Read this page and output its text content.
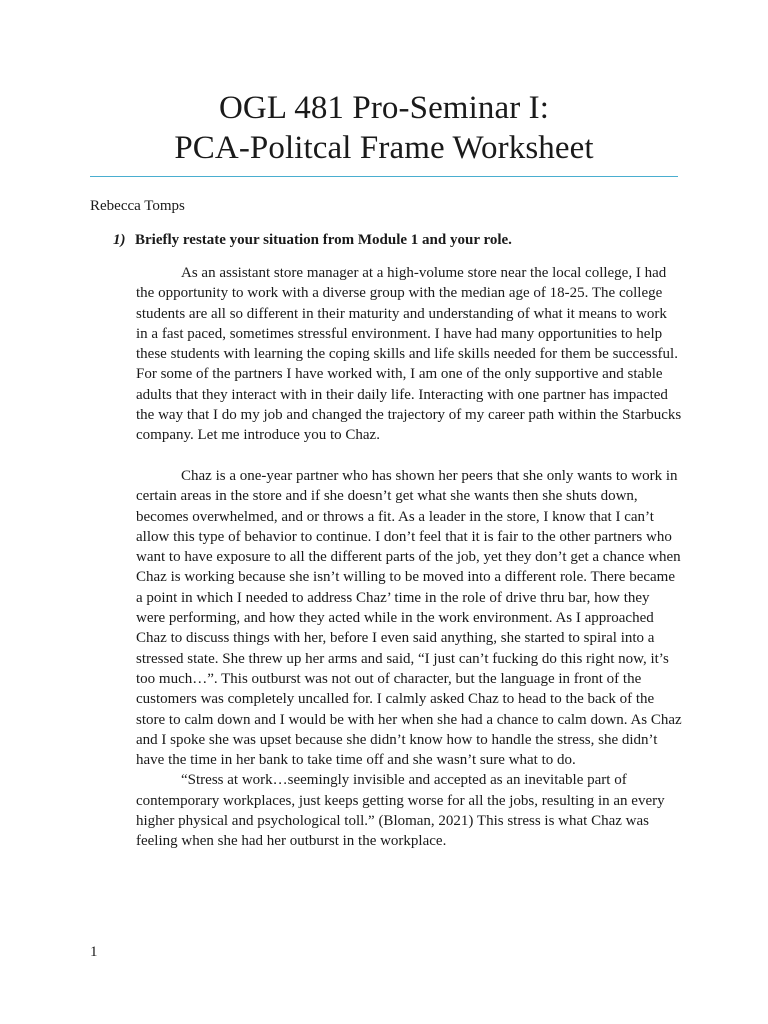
OGL 481 Pro-Seminar I:
PCA-Politcal Frame Worksheet
Rebecca Tomps
1) Briefly restate your situation from Module 1 and your role.

As an assistant store manager at a high-volume store near the local college, I had the opportunity to work with a diverse group with the median age of 18-25. The college students are all so different in their maturity and understanding of what it means to work in a fast paced, sometimes stressful environment. I have had many opportunities to help these students with learning the coping skills and life skills needed for them be successful. For some of the partners I have worked with, I am one of the only supportive and stable adults that they interact with in their daily life. Interacting with one partner has impacted the way that I do my job and changed the trajectory of my career path within the Starbucks company. Let me introduce you to Chaz.

Chaz is a one-year partner who has shown her peers that she only wants to work in certain areas in the store and if she doesn’t get what she wants then she shuts down, becomes overwhelmed, and or throws a fit. As a leader in the store, I know that I can’t allow this type of behavior to continue. I don’t feel that it is fair to the other partners who want to have exposure to all the different parts of the job, yet they don’t get a chance when Chaz is working because she isn’t willing to be moved into a different role. There became a point in which I needed to address Chaz’ time in the role of drive thru bar, how they were performing, and how they acted while in the work environment. As I approached Chaz to discuss things with her, before I even said anything, she started to spiral into a stressed state. She threw up her arms and said, “I just can’t fucking do this right now, it’s too much…”. This outburst was not out of character, but the language in front of the customers was completely uncalled for. I calmly asked Chaz to head to the back of the store to calm down and I would be with her when she had a chance to calm down. As Chaz and I spoke she was upset because she didn’t know how to handle the stress, she didn’t have the time in her bank to take time off and she wasn’t sure what to do.

“Stress at work…seemingly invisible and accepted as an inevitable part of contemporary workplaces, just keeps getting worse for all the jobs, resulting in an every higher physical and psychological toll.” (Bloman, 2021) This stress is what Chaz was feeling when she had her outburst in the workplace.

1
